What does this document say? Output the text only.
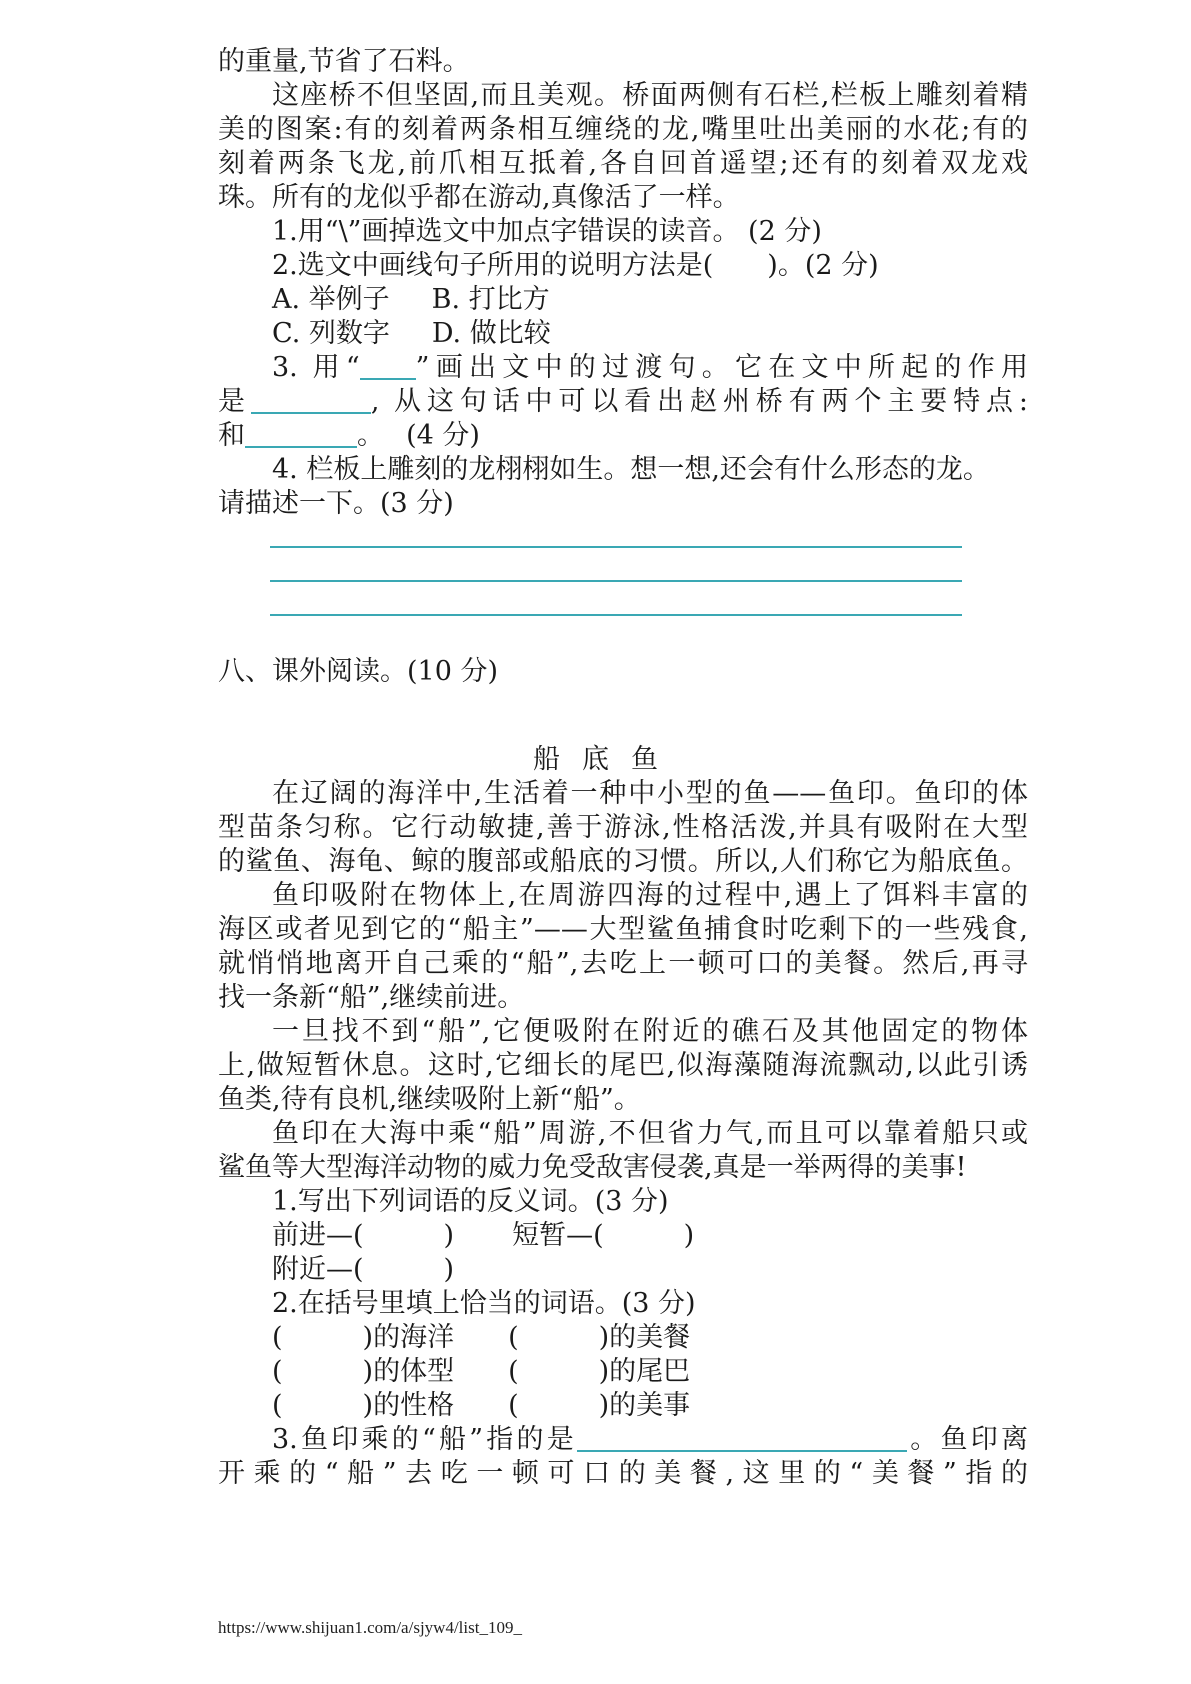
的重量,节省了石料。
这座桥不但坚固,而且美观。桥面两侧有石栏,栏板上雕刻着精
美的图案:有的刻着两条相互缠绕的龙,嘴里吐出美丽的水花;有的
刻着两条飞龙,前爪相互抵着,各自回首遥望;还有的刻着双龙戏
珠。所有的龙似乎都在游动,真像活了一样。
1.用“\”画掉选文中加点字错误的读音。 (2 分)
2.选文中画线句子所用的说明方法是(　　)。(2 分)
A. 举例子 B. 打比方
C. 列数字 D. 做比较
3. 用“ ”画出文中的过渡句。它在文中所起的作用
是	, 从这句话中可以看出赵州桥有两个主要特点:
和	。　 (4 分)
4. 栏板上雕刻的龙栩栩如生。想一想,还会有什么形态的龙。
请描述一下。(3 分)
八、课外阅读。(10 分)
船底鱼
在辽阔的海洋中,生活着一种中小型的鱼——鱼印。鱼印的体
型苗条匀称。它行动敏捷,善于游泳,性格活泼,并具有吸附在大型
的鲨鱼、海龟、鲸的腹部或船底的习惯。所以,人们称它为船底鱼。
鱼印吸附在物体上,在周游四海的过程中,遇上了饵料丰富的
海区或者见到它的“船主”——大型鲨鱼捕食时吃剩下的一些残食,
就悄悄地离开自己乘的“船”,去吃上一顿可口的美餐。然后,再寻
找一条新“船”,继续前进。
一旦找不到“船”,它便吸附在附近的礁石及其他固定的物体
上,做短暂休息。这时,它细长的尾巴,似海藻随海流飘动,以此引诱
鱼类,待有良机,继续吸附上新“船”。
鱼印在大海中乘“船”周游,不但省力气,而且可以靠着船只或
鲨鱼等大型海洋动物的威力免受敌害侵袭,真是一举两得的美事!
1.写出下列词语的反义词。(3 分)
前进—(	) 短暂—(	)
附近—(	)
2.在括号里填上恰当的词语。(3 分)
(	)的海洋 (	)的美餐
(	)的体型 (	)的尾巴
(	)的性格 (	)的美事
3.鱼印乘的“船”指的是	。鱼印离
开乘的“船”去吃一顿可口的美餐,这里的“美餐”指的
https://www.shijuan1.com/a/sjyw4/list_109_
